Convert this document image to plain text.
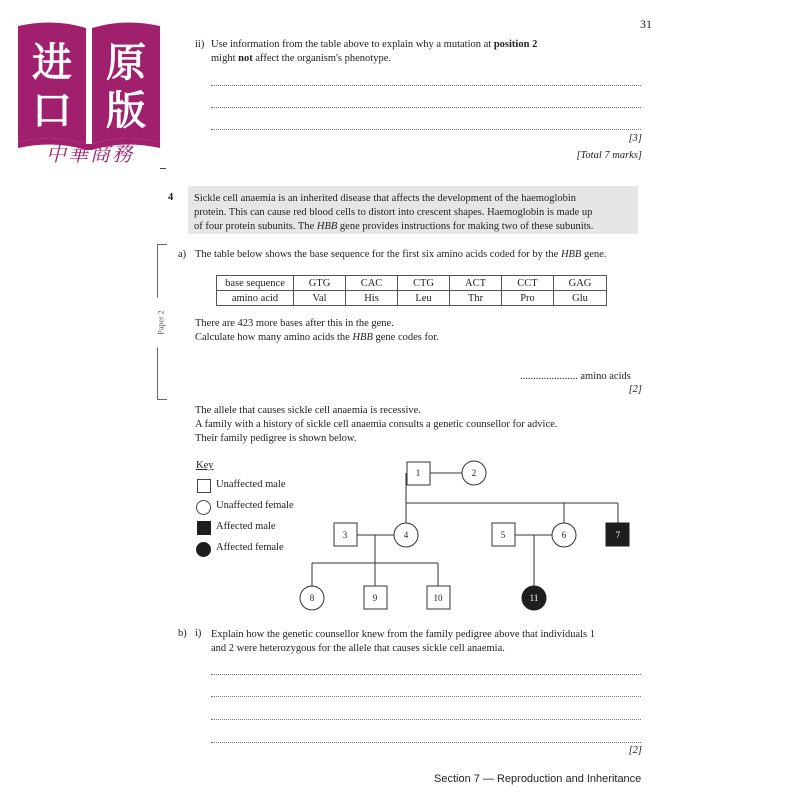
进 原
口 版
中華商務
31
ii) Use information from the table above to explain why a mutation at position 2
might not affect the organism's phenotype.
[3]
[Total 7 marks]
4 Sickle cell anaemia is an inherited disease that affects the development of the haemoglobin
protein. This can cause red blood cells to distort into crescent shapes. Haemoglobin is made up
of four protein subunits. The HBB gene provides instructions for making two of these subunits.
Paper 2
a) The table below shows the base sequence for the first six amino acids coded for by the HBB gene.
base sequence	GTG	CAC	CTG	ACT	CCT	GAG
amino acid	Val	His	Leu	Thr	Pro	Glu
There are 423 more bases after this in the gene.
Calculate how many amino acids the HBB gene codes for.
...................... amino acids
[2]
The allele that causes sickle cell anaemia is recessive.
A family with a history of sickle cell anaemia consults a genetic counsellor for advice.
Their family pedigree is shown below.
Key
Unaffected male
Unaffected female
Affected male
Affected female
1	2
3	4	5	6	7
8	9	10	11
b) i) Explain how the genetic counsellor knew from the family pedigree above that individuals 1
and 2 were heterozygous for the allele that causes sickle cell anaemia.
[2]
Section 7 — Reproduction and Inheritance
